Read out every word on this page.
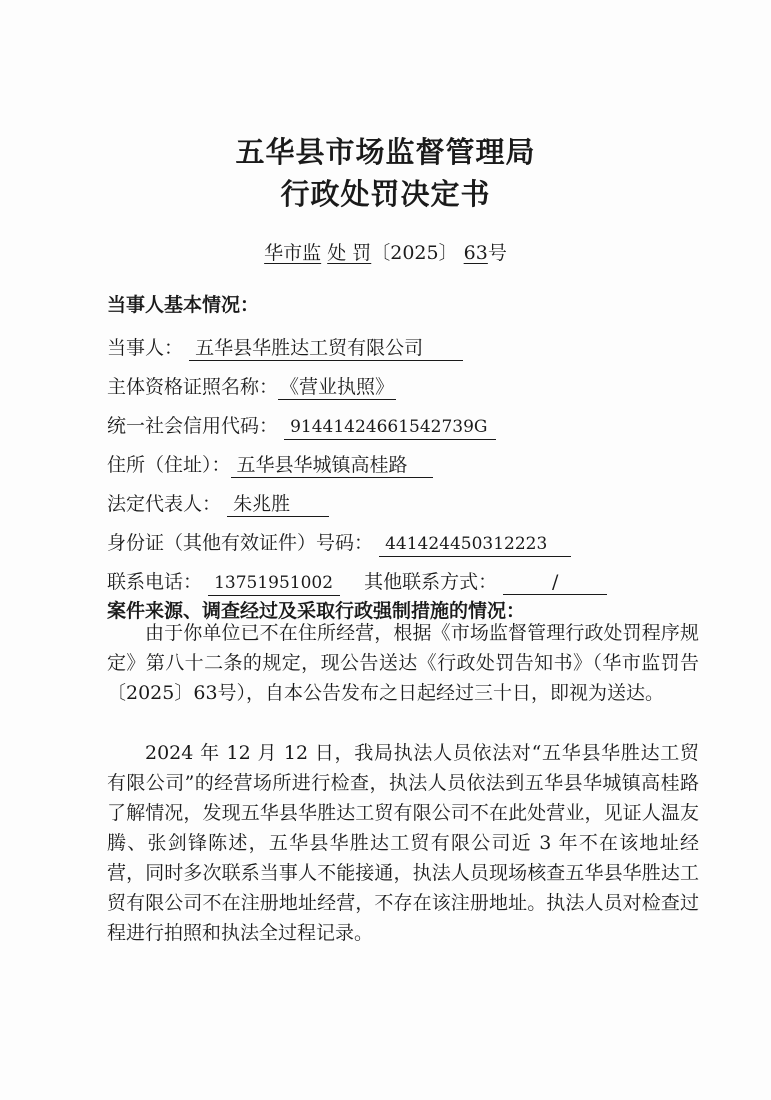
五华县市场监督管理局
行政处罚决定书
华市监 处 罚〔2025〕 63号
当事人基本情况：
当事人： 五华县华胜达工贸有限公司
主体资格证照名称： 《营业执照》
统一社会信用代码： 91441424661542739G
住所（住址）： 五华县华城镇高桂路
法定代表人： 朱兆胜
身份证（其他有效证件）号码： 441424450312223
联系电话： 13751951002 其他联系方式：	/
案件来源、调查经过及采取行政强制措施的情况：

由于你单位已不在住所经营，根据《市场监督管理行政处罚程序规定》第八十二条的规定，现公告送达《行政处罚告知书》（华市监罚告〔2025〕63号），自本公告发布之日起经过三十日，即视为送达。

2024 年 12 月 12 日，我局执法人员依法对“五华县华胜达工贸有限公司”的经营场所进行检查，执法人员依法到五华县华城镇高桂路了解情况，发现五华县华胜达工贸有限公司不在此处营业，见证人温友腾、张剑锋陈述，五华县华胜达工贸有限公司近 3 年不在该地址经营，同时多次联系当事人不能接通，执法人员现场核查五华县华胜达工贸有限公司不在注册地址经营，不存在该注册地址。执法人员对检查过程进行拍照和执法全过程记录。
